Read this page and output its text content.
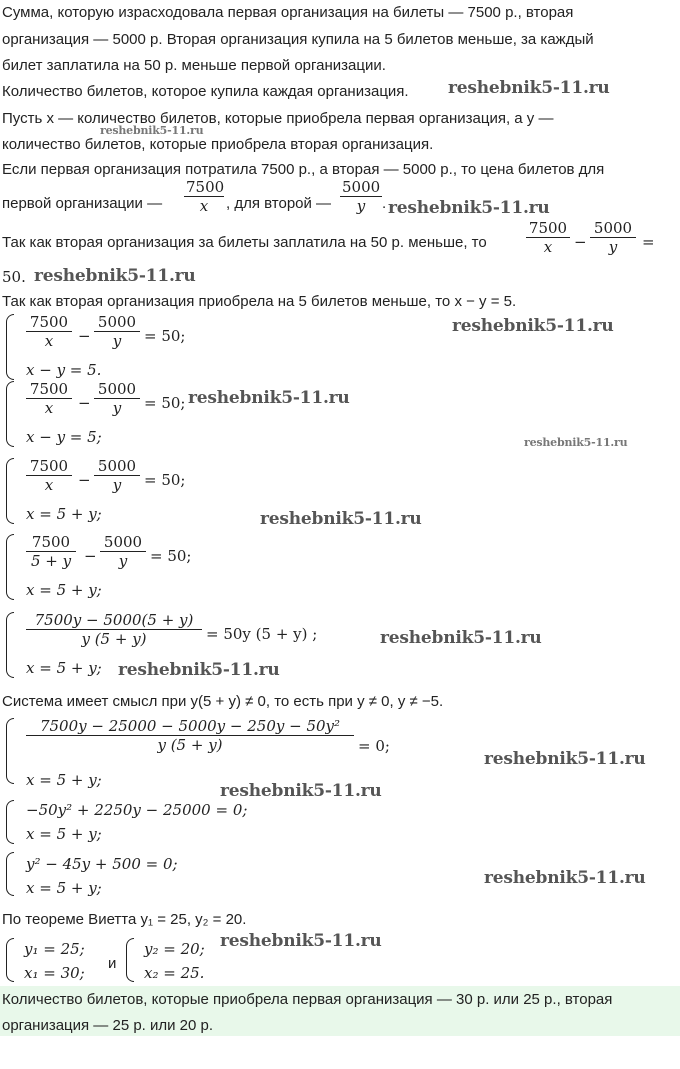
Сумма, которую израсходовала первая организация на билеты — 7500 р., вторая
организация — 5000 р. Вторая организация купила на 5 билетов меньше, за каждый
билет заплатила на 50 р. меньше первой организации.
Количество билетов, которое купила каждая организация. reshebnik5-11.ru
Пусть x — количество билетов, которые приобрела первая организация, а y —
reshebnik5-11.ru
количество билетов, которые приобрела вторая организация.
Если первая организация потратила 7500 р., а вторая — 5000 р., то цена билетов для
первой организации — $\frac{7500}{x}$ , для второй — $\frac{5000}{y}$ . reshebnik5-11.ru
Так как вторая организация за билеты заплатила на 50 р. меньше, то	$\frac{7500}{x} - \frac{5000}{y}$ =
50. reshebnik5-11.ru
Так как вторая организация приобрела на 5 билетов меньше, то x − y = 5.
$\frac{7500}{x} - \frac{5000}{y} = 50$;
x − y = 5.
reshebnik5-11.ru
$\frac{7500}{x} - \frac{5000}{y} = 50$;
x − y = 5;
reshebnik5-11.ru
reshebnik5-11.ru
$\frac{7500}{x} - \frac{5000}{y} = 50$;
x = 5 + y;	reshebnik5-11.ru
$\frac{7500}{5 + y} - \frac{5000}{y} = 50$;
x = 5 + y;
$\frac{7500y - 5000(5 + y)}{y (5 + y)} = 50y$ (5 + y) ;
x = 5 + y;
reshebnik5-11.ru
reshebnik5-11.ru
Система имеет смысл при y(5 + y) ≠ 0, то есть при y ≠ 0, y ≠ −5.
$\frac{\text{7500y − 25000 − 5000y − 250y − 50y²}}{y (5 + y)} = 0$;
x = 5 + y;
reshebnik5-11.ru
reshebnik5-11.ru
−50y² + 2250y − 25000 = 0;
x = 5 + y;
y² − 45y + 500 = 0;
x = 5 + y;	reshebnik5-11.ru
По теореме Виетта y₁ = 25, y₂ = 20.
y₁ = 25;
x₁ = 30;
и
y₂ = 20;
x₂ = 25.
reshebnik5-11.ru
Количество билетов, которые приобрела первая организация — 30 р. или 25 р., вторая
организация — 25 р. или 20 р.
